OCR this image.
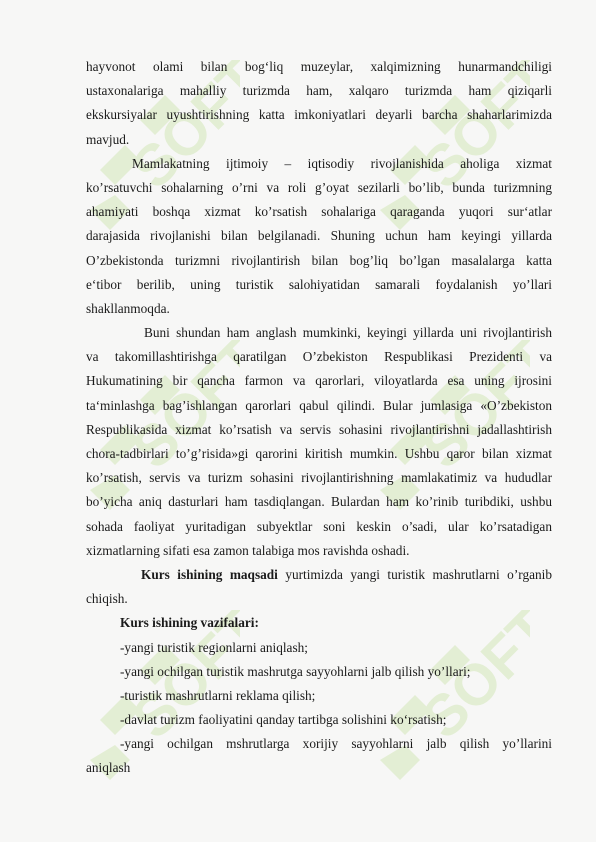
SOFT SOFT
SOFT SOFT
SOFT SOFT
hayvonot olami bilan bog‘liq muzeylar, xalqimizning hunarmandchiligi
ustaxonalariga mahalliy turizmda ham, xalqaro turizmda ham qiziqarli
ekskursiyalar uyushtirishning katta imkoniyatlari deyarli barcha shaharlarimizda
mavjud.
Mamlakatning ijtimoiy – iqtisodiy rivojlanishida aholiga xizmat
ko’rsatuvchi sohalarning o’rni va roli g’oyat sezilarli bo’lib, bunda turizmning
ahamiyati boshqa xizmat ko’rsatish sohalariga qaraganda yuqori sur‘atlar
darajasida rivojlanishi bilan belgilanadi. Shuning uchun ham keyingi yillarda
O’zbekistonda turizmni rivojlantirish bilan bog’liq bo’lgan masalalarga katta
e‘tibor berilib, uning turistik salohiyatidan samarali foydalanish yo’llari
shakllanmoqda.
Buni shundan ham anglash mumkinki, keyingi yillarda uni rivojlantirish
va takomillashtirishga qaratilgan O’zbekiston Respublikasi Prezidenti va
Hukumatining bir qancha farmon va qarorlari, viloyatlarda esa uning ijrosini
ta‘minlashga bag’ishlangan qarorlari qabul qilindi. Bular jumlasiga «O’zbekiston
Respublikasida xizmat ko’rsatish va servis sohasini rivojlantirishni jadallashtirish
chora-tadbirlari to’g’risida»gi qarorini kiritish mumkin. Ushbu qaror bilan xizmat
ko’rsatish, servis va turizm sohasini rivojlantirishning mamlakatimiz va hududlar
bo’yicha aniq dasturlari ham tasdiqlangan. Bulardan ham ko’rinib turibdiki, ushbu
sohada faoliyat yuritadigan subyektlar soni keskin o’sadi, ular ko’rsatadigan
xizmatlarning sifati esa zamon talabiga mos ravishda oshadi.
Kurs ishining maqsadi yurtimizda yangi turistik mashrutlarni o’rganib
chiqish.
Kurs ishining vazifalari:
-yangi turistik regionlarni aniqlash;
-yangi ochilgan turistik mashrutga sayyohlarni jalb qilish yo’llari;
-turistik mashrutlarni reklama qilish;
-davlat turizm faoliyatini qanday tartibga solishini ko‘rsatish;
-yangi ochilgan mshrutlarga xorijiy sayyohlarni jalb qilish yo’llarini
aniqlash
